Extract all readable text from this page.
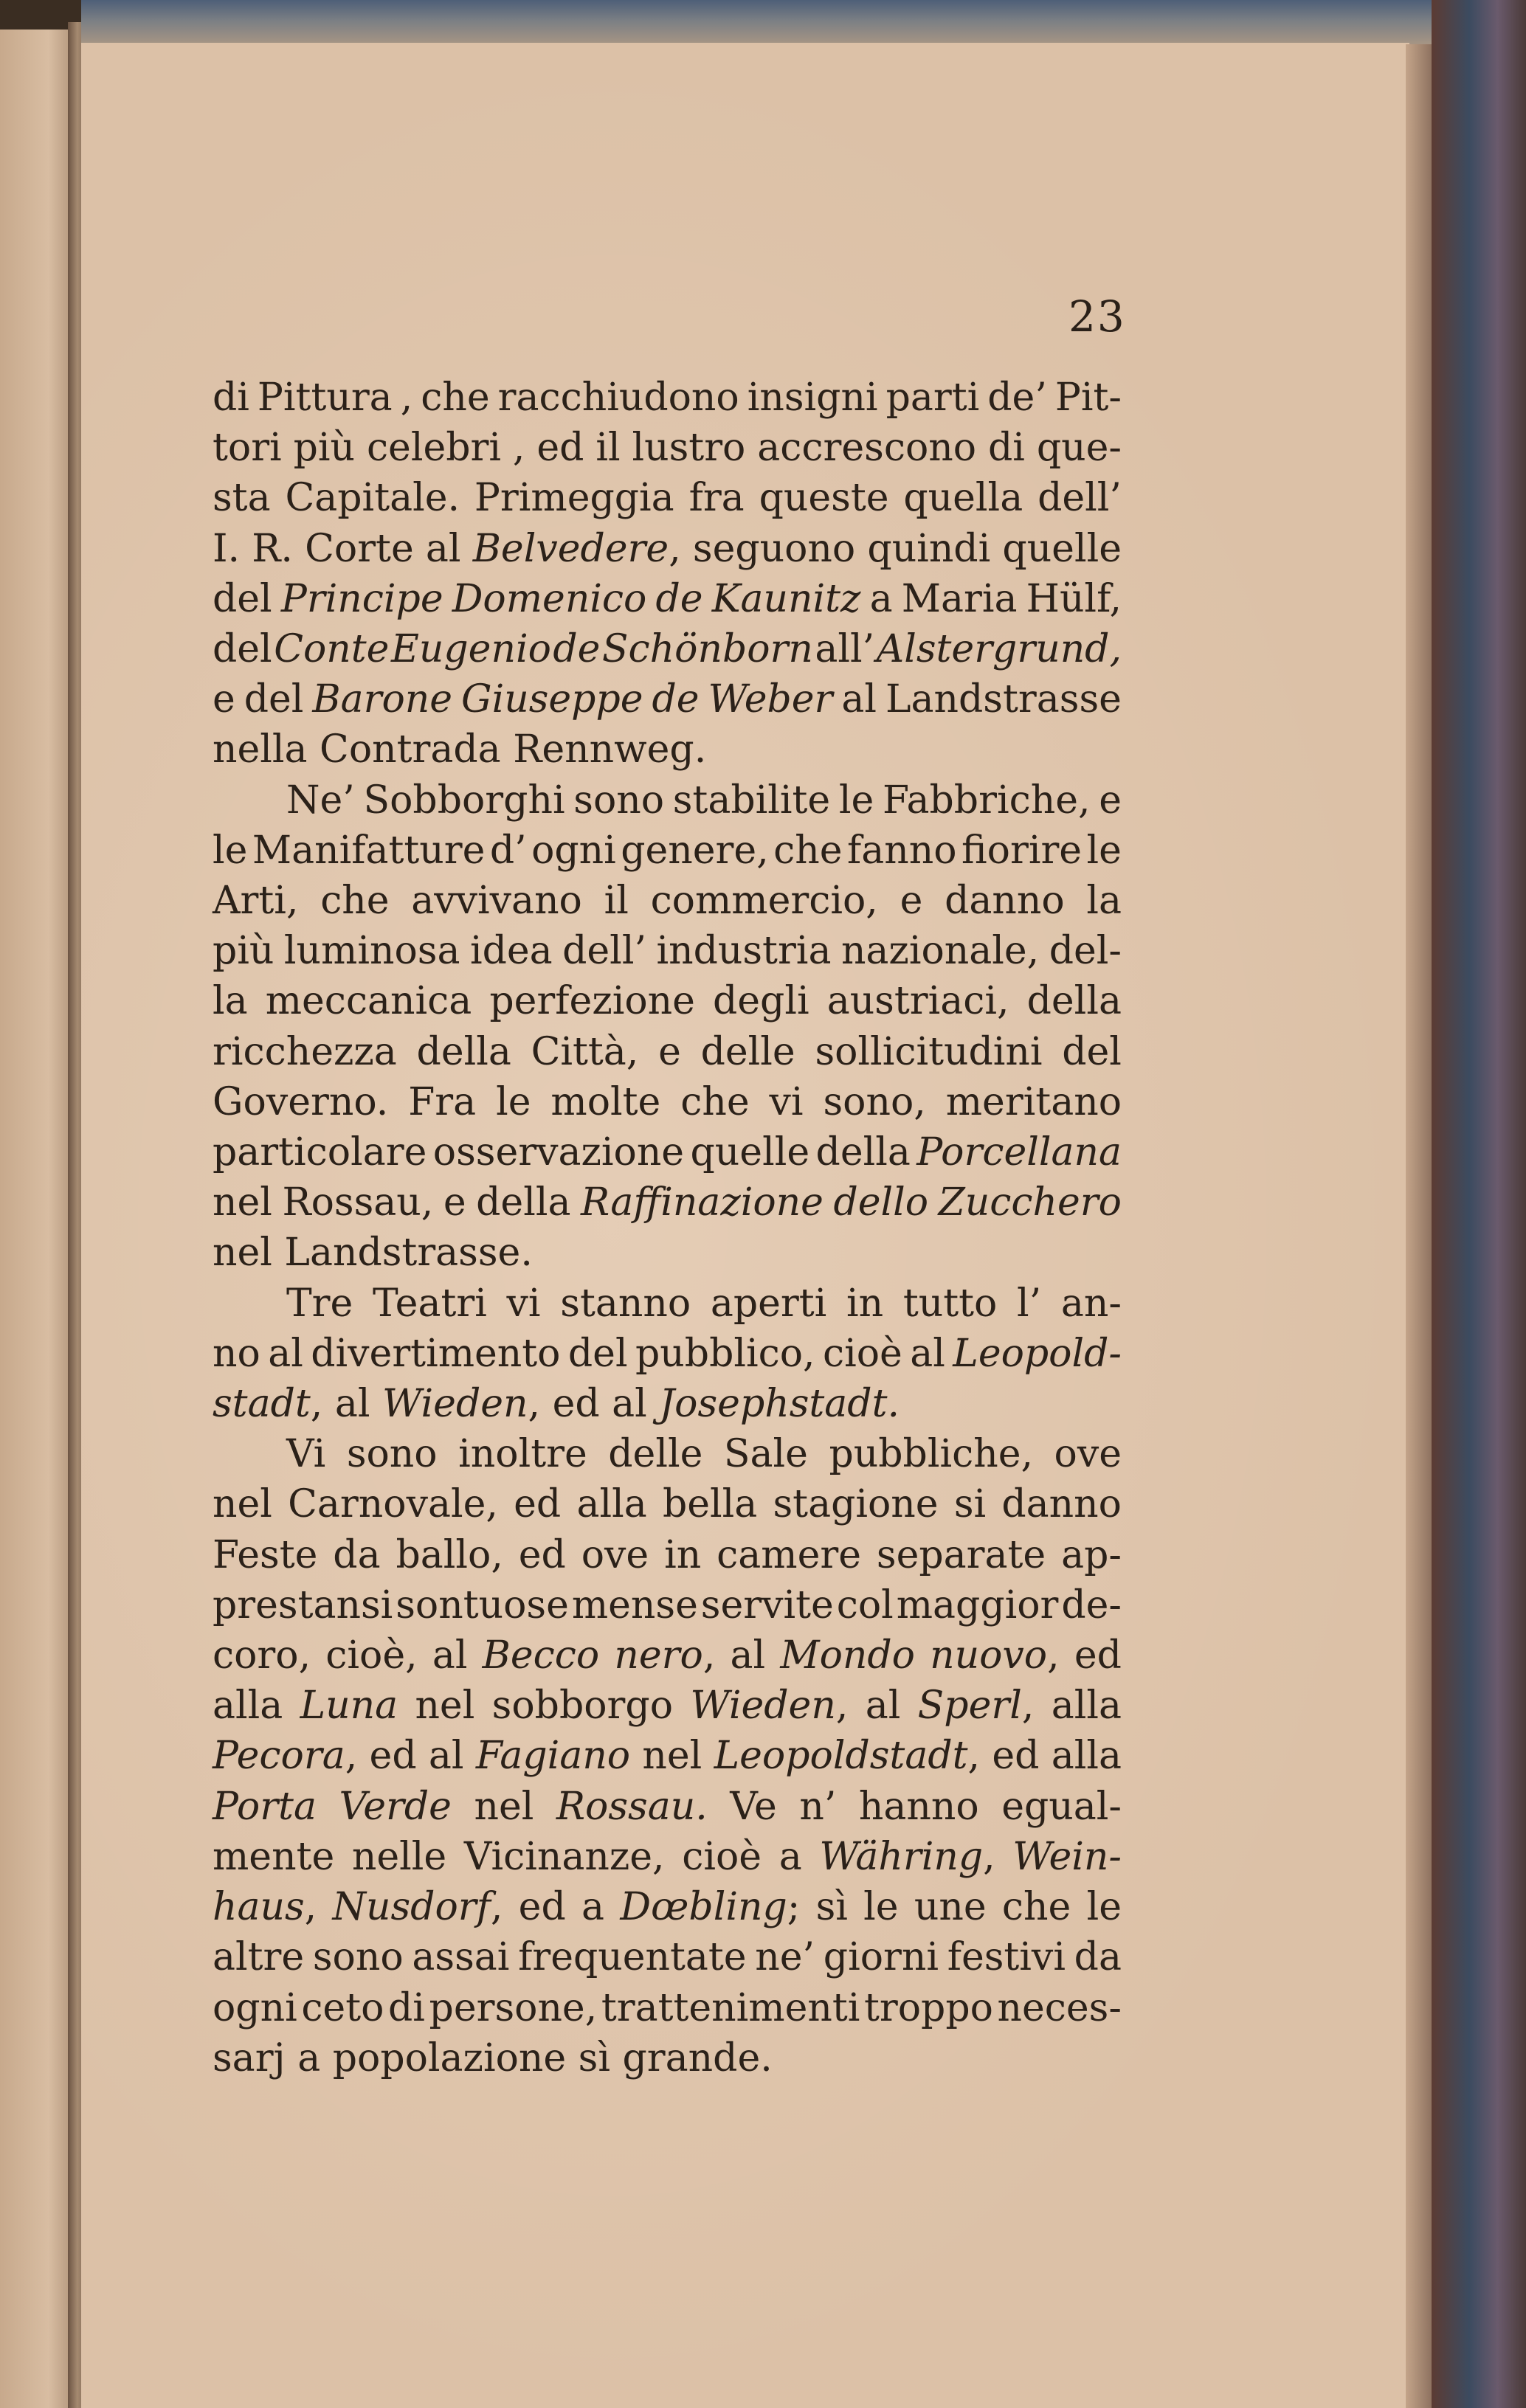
23
di Pittura , che racchiudono insigni parti de’ Pit-
tori più celebri , ed il lustro accrescono di que-
sta Capitale. Primeggia fra queste quella dell’
I. R. Corte al Belvedere, seguono quindi quelle
del Principe Domenico de Kaunitz a Maria Hülf,
del Conte Eugenio de Schönborn all’ Alstergrund,
e del Barone Giuseppe de Weber al Landstrasse
nella Contrada Rennweg.
Ne’ Sobborghi sono stabilite le Fabbriche, e
le Manifatture d’ ogni genere, che fanno fiorire le
Arti, che avvivano il commercio, e danno la
più luminosa idea dell’ industria nazionale, del-
la meccanica perfezione degli austriaci, della
ricchezza della Città, e delle sollicitudini del
Governo. Fra le molte che vi sono, meritano
particolare osservazione quelle della Porcellana
nel Rossau, e della Raffinazione dello Zucchero
nel Landstrasse.
Tre Teatri vi stanno aperti in tutto l’ an-
no al divertimento del pubblico, cioè al Leopold-
stadt, al Wieden, ed al Josephstadt.
Vi sono inoltre delle Sale pubbliche, ove
nel Carnovale, ed alla bella stagione si danno
Feste da ballo, ed ove in camere separate ap-
prestansi sontuose mense servite col maggior de-
coro, cioè, al Becco nero, al Mondo nuovo, ed
alla Luna nel sobborgo Wieden, al Sperl, alla
Pecora, ed al Fagiano nel Leopoldstadt, ed alla
Porta Verde nel Rossau. Ve n’ hanno egual-
mente nelle Vicinanze, cioè a Währing, Wein-
haus, Nusdorf, ed a Dœbling; sì le une che le
altre sono assai frequentate ne’ giorni festivi da
ogni ceto di persone, trattenimenti troppo neces-
sarj a popolazione sì grande.
